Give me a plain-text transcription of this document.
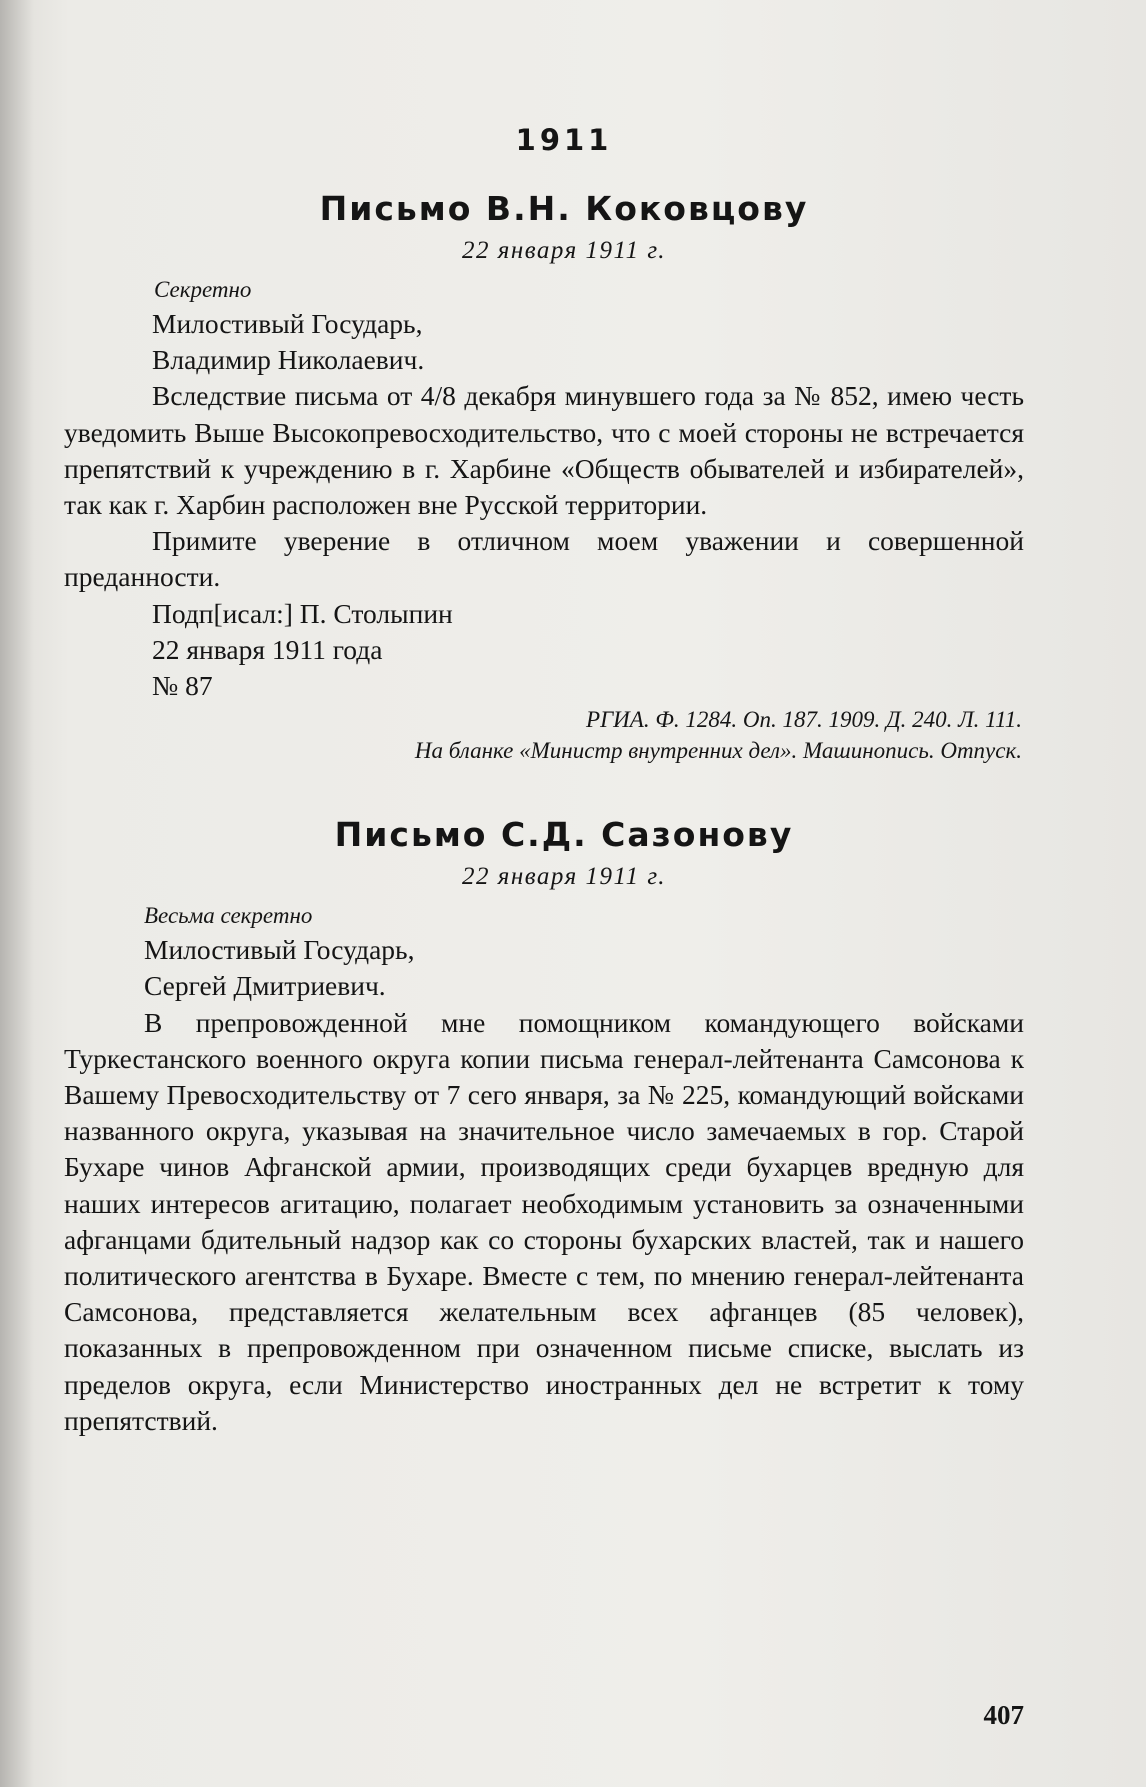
1911
Письмо В.Н. Коковцову
22 января 1911 г.
Секретно
Милостивый Государь,
Владимир Николаевич.

Вследствие письма от 4/8 декабря минувшего года за № 852, имею честь уведомить Выше Высокопревосходительство, что с моей стороны не встречается препятствий к учреждению в г. Харбине «Обществ обывателей и избирателей», так как г. Харбин расположен вне Русской территории.

Примите уверение в отличном моем уважении и совершенной преданности.

Подп[исал:] П. Столыпин
22 января 1911 года
№ 87
РГИА. Ф. 1284. Оп. 187. 1909. Д. 240. Л. 111.
На бланке «Министр внутренних дел». Машинопись. Отпуск.
Письмо С.Д. Сазонову
22 января 1911 г.
Весьма секретно
Милостивый Государь,
Сергей Дмитриевич.

В препровожденной мне помощником командующего войсками Туркестанского военного округа копии письма генерал-лейтенанта Самсонова к Вашему Превосходительству от 7 сего января, за № 225, командующий войсками названного округа, указывая на значительное число замечаемых в гор. Старой Бухаре чинов Афганской армии, производящих среди бухарцев вредную для наших интересов агитацию, полагает необходимым установить за означенными афганцами бдительный надзор как со стороны бухарских властей, так и нашего политического агентства в Бухаре. Вместе с тем, по мнению генерал-лейтенанта Самсонова, представляется желательным всех афганцев (85 человек), показанных в препровожденном при означенном письме списке, выслать из пределов округа, если Министерство иностранных дел не встретит к тому препятствий.

407
